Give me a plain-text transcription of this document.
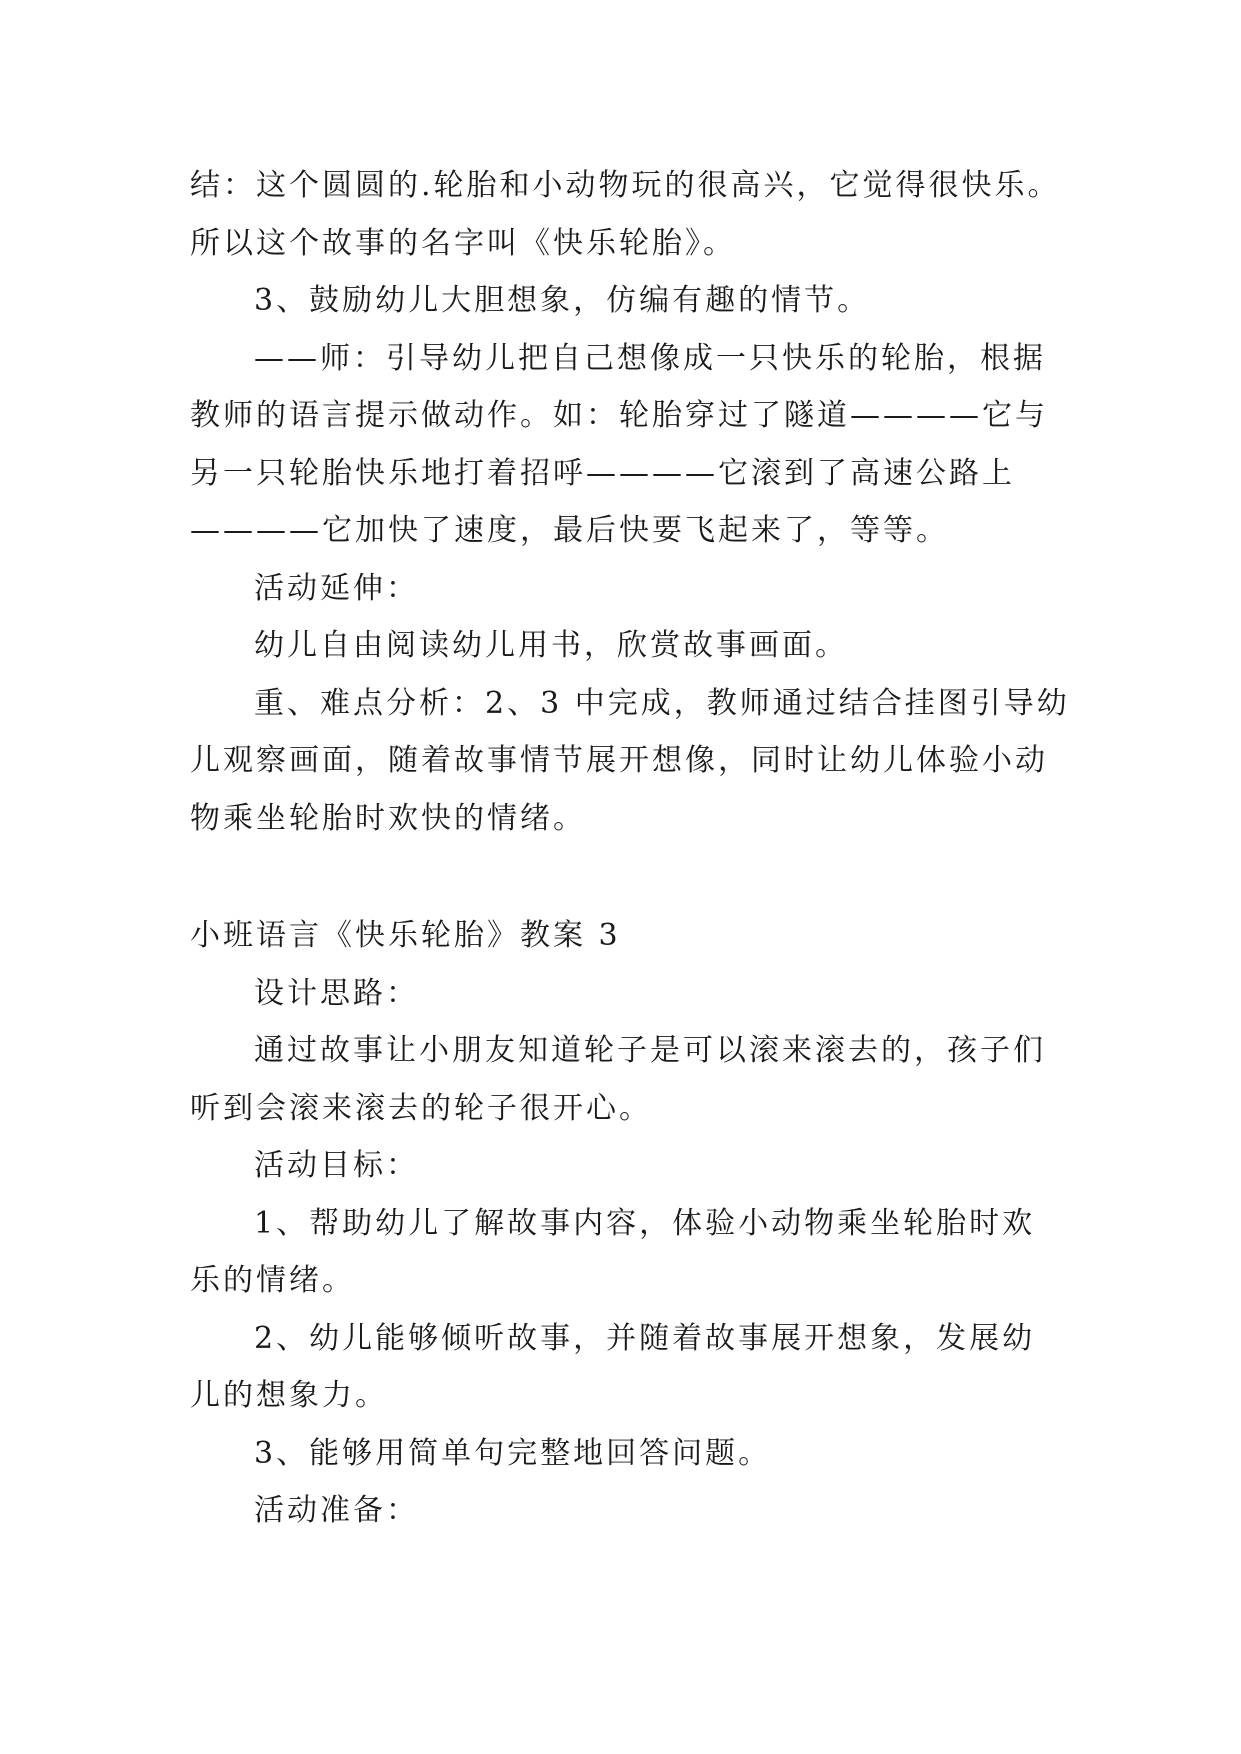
结：这个圆圆的.轮胎和小动物玩的很高兴，它觉得很快乐。
所以这个故事的名字叫《快乐轮胎》。
3、鼓励幼儿大胆想象，仿编有趣的情节。
——师：引导幼儿把自己想像成一只快乐的轮胎，根据
教师的语言提示做动作。如：轮胎穿过了隧道————它与
另一只轮胎快乐地打着招呼————它滚到了高速公路上
————它加快了速度，最后快要飞起来了，等等。
活动延伸：
幼儿自由阅读幼儿用书，欣赏故事画面。
重、难点分析：2、3 中完成，教师通过结合挂图引导幼
儿观察画面，随着故事情节展开想像，同时让幼儿体验小动
物乘坐轮胎时欢快的情绪。
小班语言《快乐轮胎》教案 3
设计思路：
通过故事让小朋友知道轮子是可以滚来滚去的，孩子们
听到会滚来滚去的轮子很开心。
活动目标：
1、帮助幼儿了解故事内容，体验小动物乘坐轮胎时欢
乐的情绪。
2、幼儿能够倾听故事，并随着故事展开想象，发展幼
儿的想象力。
3、能够用简单句完整地回答问题。
活动准备：
